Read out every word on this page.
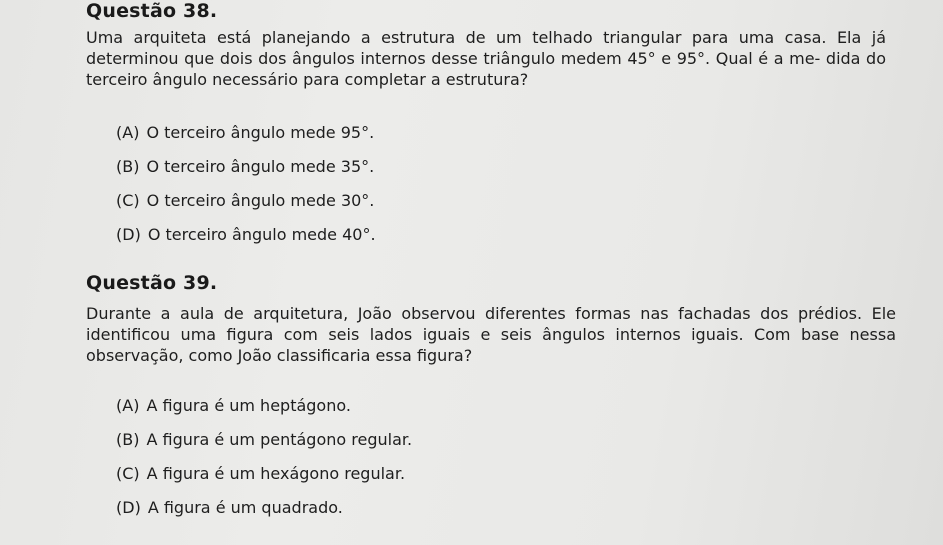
Questão 38.

Uma arquiteta está planejando a estrutura de um telhado triangular para uma casa. Ela já determinou que dois dos ângulos internos desse triângulo medem 45° e 95°. Qual é a me- dida do terceiro ângulo necessário para completar a estrutura?

(A) O terceiro ângulo mede 95°.
(B) O terceiro ângulo mede 35°.
(C) O terceiro ângulo mede 30°.
(D) O terceiro ângulo mede 40°.
Questão 39.

Durante a aula de arquitetura, João observou diferentes formas nas fachadas dos prédios. Ele identificou uma figura com seis lados iguais e seis ângulos internos iguais. Com base nessa observação, como João classificaria essa figura?

(A) A figura é um heptágono.
(B) A figura é um pentágono regular.
(C) A figura é um hexágono regular.
(D) A figura é um quadrado.
